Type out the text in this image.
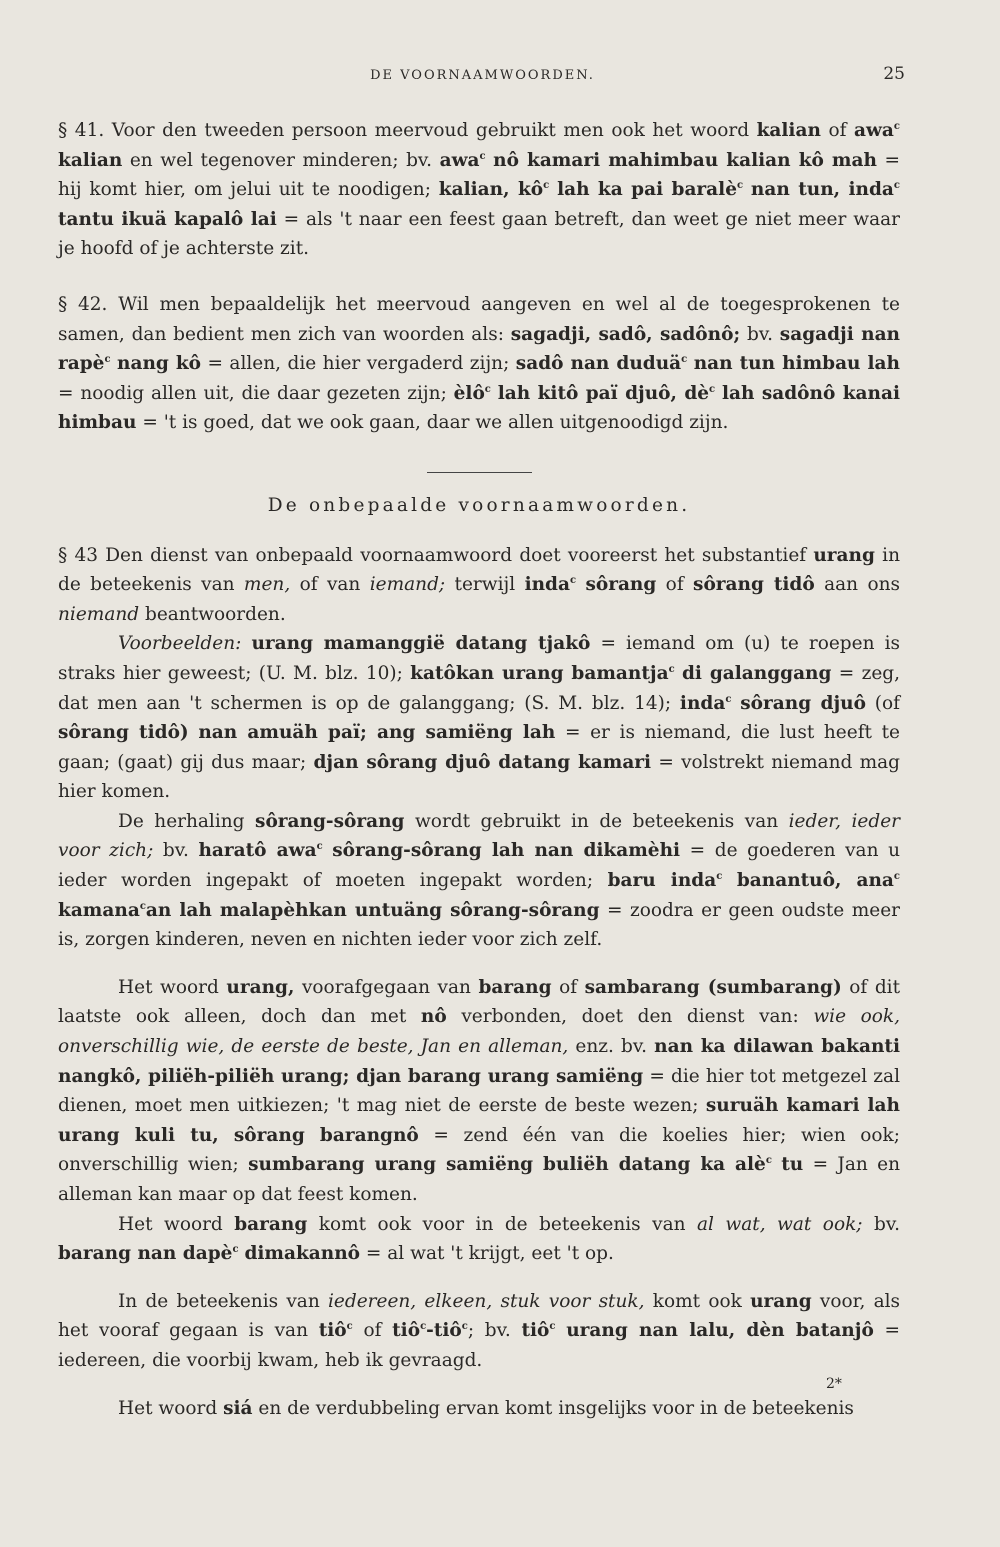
DE VOORNAAMWOORDEN.	25

§ 41. Voor den tweeden persoon meervoud gebruikt men ook het woord kalian of awa$^c$ kalian en wel tegenover minderen; bv. awa$^c$ nô kamari mahimbau kalian kô mah = hij komt hier, om jelui uit te noodigen; kalian, $kô^c$ lah ka pai baralè$^c$ nan tun, inda$^c$ tantu ikuä kapalô lai = als 't naar een feest gaan betreft, dan weet ge niet meer waar je hoofd of je achterste zit.

§ 42. Wil men bepaaldelijk het meervoud aangeven en wel al de toegesprokenen te samen, dan bedient men zich van woorden als: sagadji, sadô, sadônô; bv. sagadji nan rapè$^c$ nang kô = allen, die hier vergaderd zijn; sadô nan duduä$^c$ nan tun himbau lah = noodig allen uit, die daar gezeten zijn; èlô$^c$ lah kitô paï djuô, $dè^c$ lah sadônô kanai himbau = 't is goed, dat we ook gaan, daar we allen uitgenoodigd zijn.

De onbepaalde voornaamwoorden.

§ 43 Den dienst van onbepaald voornaamwoord doet vooreerst het substantief urang in de beteekenis van men, of van iemand; terwijl inda$^c$ sôrang of sôrang tidô aan ons niemand beantwoorden.

Voorbeelden: urang mamanggië datang tjakô = iemand om (u) te roepen is straks hier geweest; (U. M. blz. 10); katôkan urang bamantja$^c$ di galanggang = zeg, dat men aan 't schermen is op de galanggang; (S. M. blz. 14); inda$^c$ sôrang djuô (of sôrang tidô) nan amuäh paï; ang samiëng lah = er is niemand, die lust heeft te gaan; (gaat) gij dus maar; djan sôrang djuô datang kamari = volstrekt niemand mag hier komen.

De herhaling sôrang-sôrang wordt gebruikt in de beteekenis van ieder, ieder voor zich; bv. haratô awa$^c$ sôrang-sôrang lah nan dikamèhi = de goederen van u ieder worden ingepakt of moeten ingepakt worden; baru inda$^c$ banantuô, ana$^c$ kamana$^c$an lah malapèhkan untuäng sôrang-sôrang = zoodra er geen oudste meer is, zorgen kinderen, neven en nichten ieder voor zich zelf.

Het woord urang, voorafgegaan van barang of sambarang (sumbarang) of dit laatste ook alleen, doch dan met nô verbonden, doet den dienst van: wie ook, onverschillig wie, de eerste de beste, Jan en alleman, enz. bv. nan ka dilawan bakanti nangkô, piliëh-piliëh urang; djan barang urang samiëng = die hier tot metgezel zal dienen, moet men uitkiezen; 't mag niet de eerste de beste wezen; suruäh kamari lah urang kuli tu, sôrang barangnô = zend één van die koelies hier; wien ook; onverschillig wien; sumbarang urang samiëng buliëh datang ka alè$^c$ tu = Jan en alleman kan maar op dat feest komen.

Het woord barang komt ook voor in de beteekenis van al wat, wat ook; bv. barang nan dapè$^c$ dimakannô = al wat 't krijgt, eet 't op.

In de beteekenis van iedereen, elkeen, stuk voor stuk, komt ook urang voor, als het vooraf gegaan is van tiô$^c$ of tiô$^c$-tiô$^c$; bv. tiô$^c$ urang nan lalu, dèn batanjô = iedereen, die voorbij kwam, heb ik gevraagd.

Het woord siá en de verdubbeling ervan komt insgelijks voor in de beteekenis

2*
